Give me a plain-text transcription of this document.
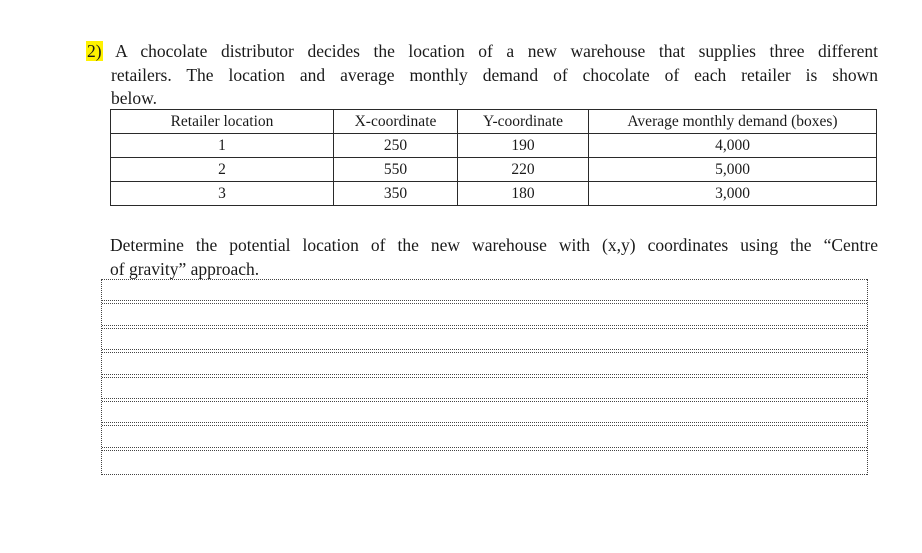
2) A chocolate distributor decides the location of a new warehouse that supplies three different
retailers. The location and average monthly demand of chocolate of each retailer is shown
below.
Retailer location	X-coordinate	Y-coordinate	Average monthly demand (boxes)
1	250	190	4,000
2	550	220	5,000
3	350	180	3,000
Determine the potential location of the new warehouse with (x,y) coordinates using the “Centre
of gravity” approach.
